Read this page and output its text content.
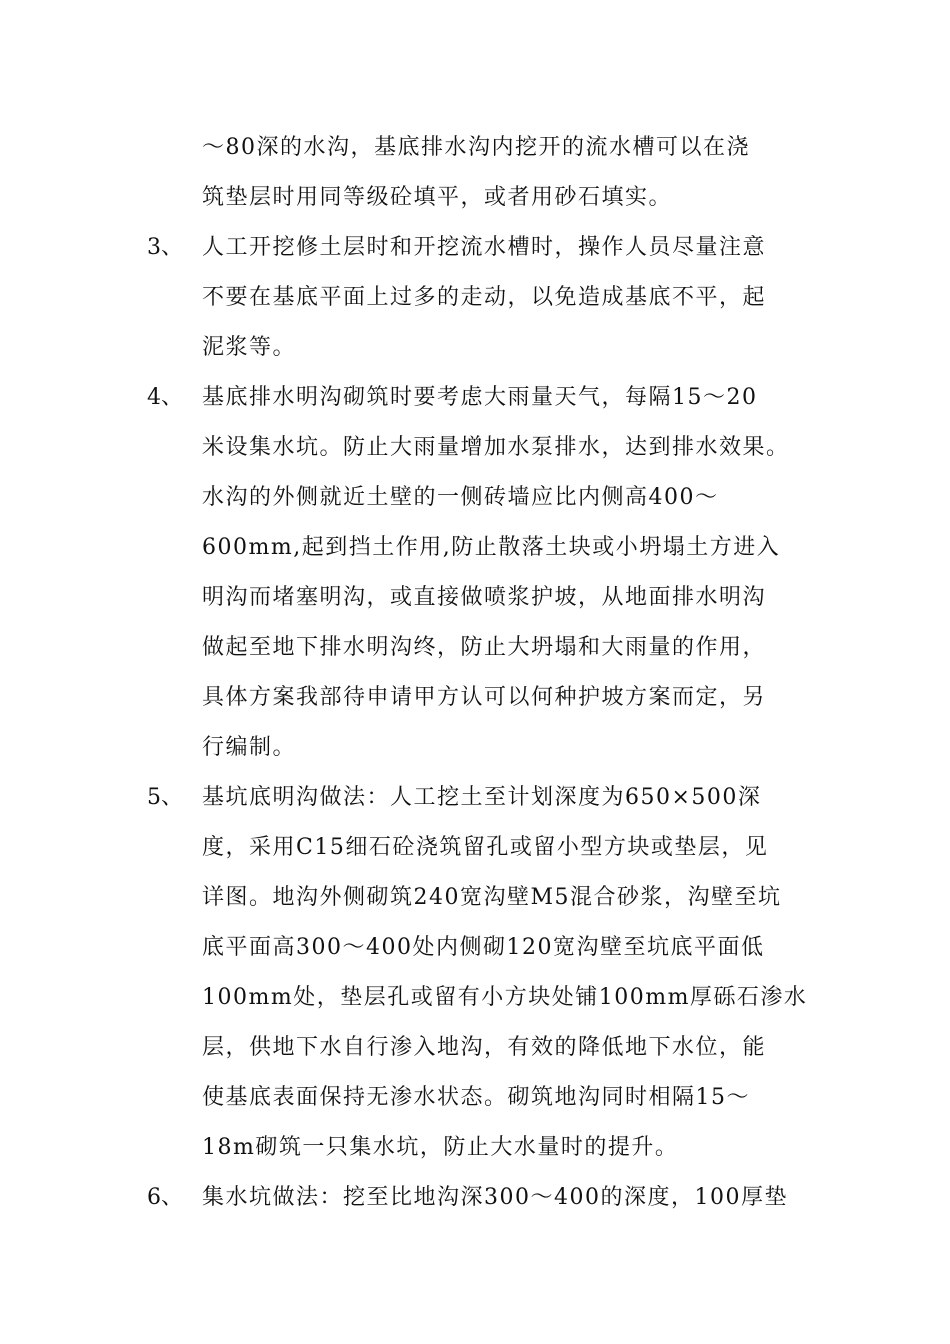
～80深的水沟，基底排水沟内挖开的流水槽可以在浇
筑垫层时用同等级砼填平，或者用砂石填实。
3、 人工开挖修土层时和开挖流水槽时，操作人员尽量注意
不要在基底平面上过多的走动，以免造成基底不平，起
泥浆等。
4、 基底排水明沟砌筑时要考虑大雨量天气，每隔15～20
米设集水坑。防止大雨量增加水泵排水，达到排水效果。
水沟的外侧就近土壁的一侧砖墙应比内侧高400～
600mm,起到挡土作用,防止散落土块或小坍塌土方进入
明沟而堵塞明沟，或直接做喷浆护坡，从地面排水明沟
做起至地下排水明沟终，防止大坍塌和大雨量的作用，
具体方案我部待申请甲方认可以何种护坡方案而定，另
行编制。
5、 基坑底明沟做法：人工挖土至计划深度为650×500深
度，采用C15细石砼浇筑留孔或留小型方块或垫层，见
详图。地沟外侧砌筑240宽沟壁M5混合砂浆，沟壁至坑
底平面高300～400处内侧砌120宽沟壁至坑底平面低
100mm处，垫层孔或留有小方块处铺100mm厚砾石渗水
层，供地下水自行渗入地沟，有效的降低地下水位，能
使基底表面保持无渗水状态。砌筑地沟同时相隔15～
18m砌筑一只集水坑，防止大水量时的提升。
6、 集水坑做法：挖至比地沟深300～400的深度，100厚垫
